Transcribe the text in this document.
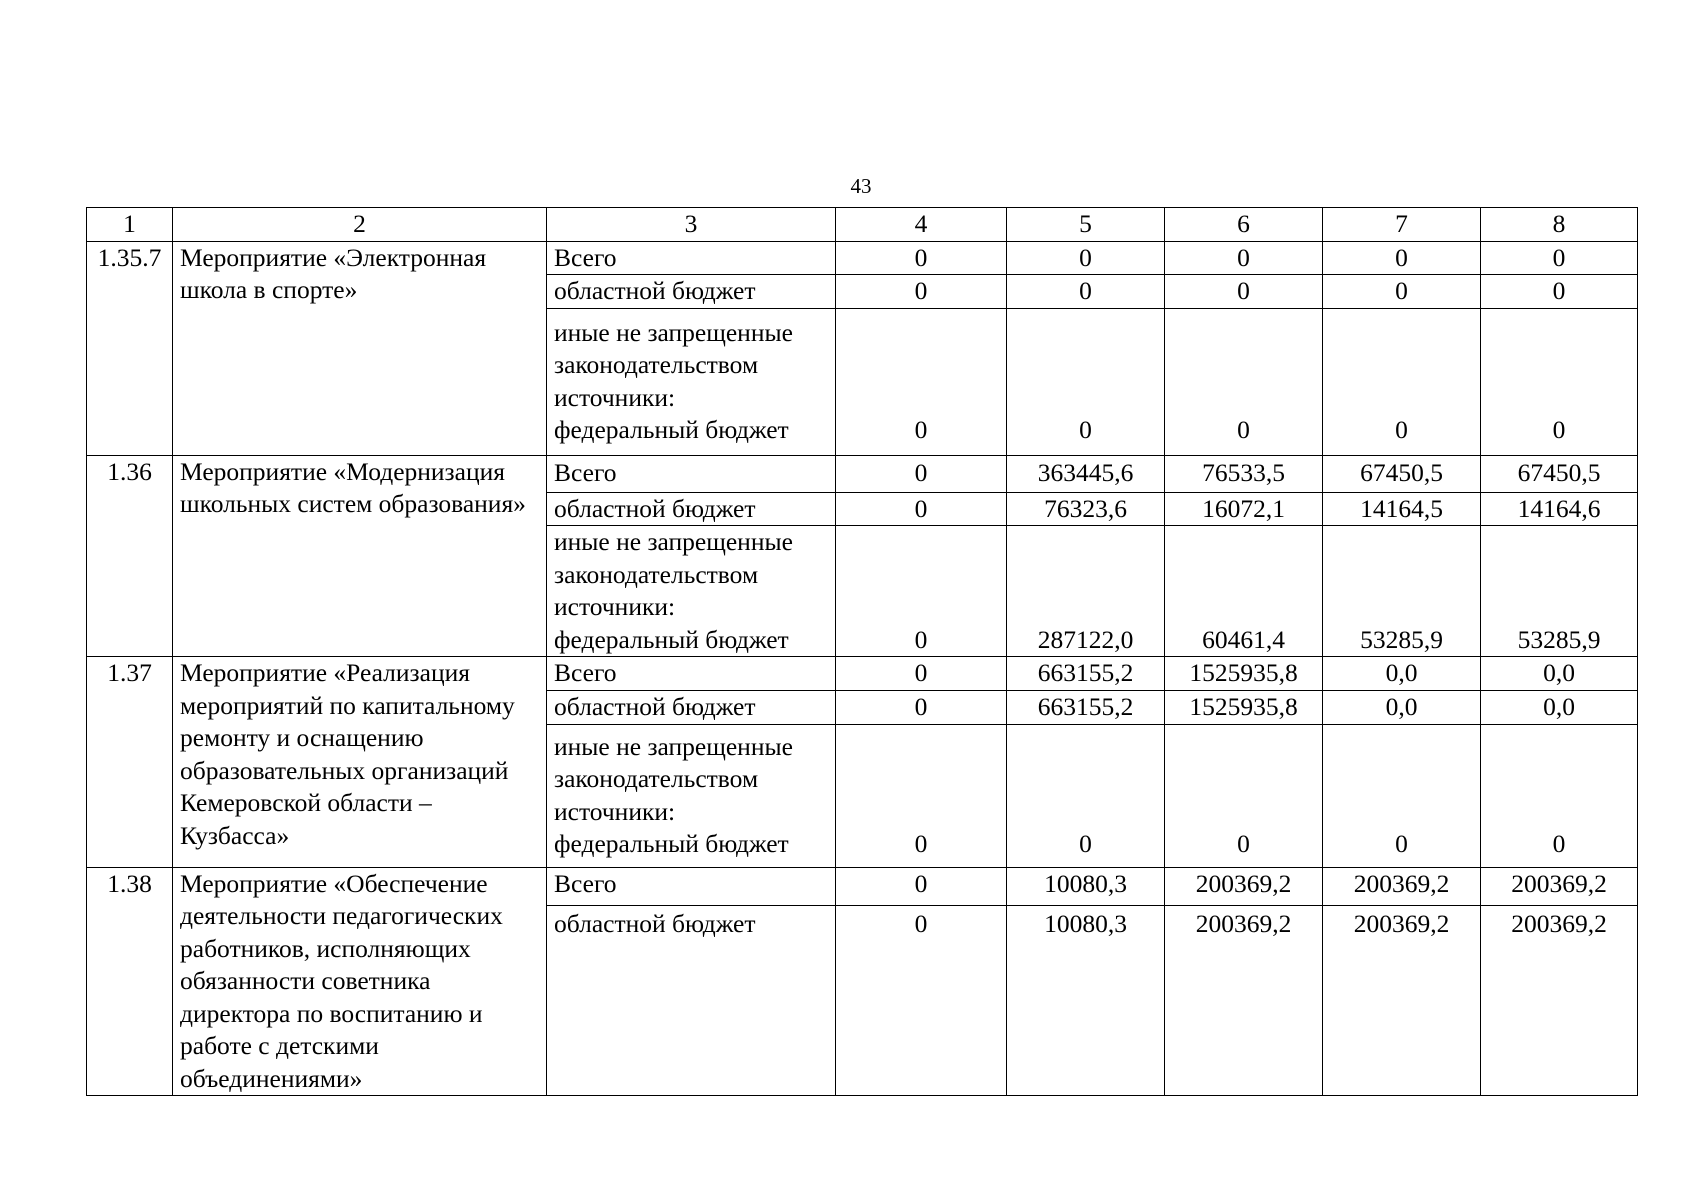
43
1	2	3	4	5	6	7	8
1.35.7	Мероприятие «Электронная школа в спорте»	Всего	0	0	0	0	0
		областной бюджет	0	0	0	0	0

		иные не запрещенные
законодательством
источники:
федеральный бюджет	0	0	0	0	0
1.36	Мероприятие «Модернизация школьных систем образования»	Всего	0	363445,6	76533,5	67450,5	67450,5
		областной бюджет	0	76323,6	16072,1	14164,5	14164,6

		иные не запрещенные
законодательством
источники:
федеральный бюджет	0	287122,0	60461,4	53285,9	53285,9
1.37	Мероприятие «Реализация мероприятий по капитальному ремонту и оснащению образовательных организаций Кемеровской области – Кузбасса»	Всего	0	663155,2	1525935,8	0,0	0,0
		областной бюджет	0	663155,2	1525935,8	0,0	0,0

		иные не запрещенные
законодательством
источники:
федеральный бюджет	0	0	0	0	0
1.38	Мероприятие «Обеспечение деятельности педагогических работников, исполняющих обязанности советника директора по воспитанию и работе с детскими объединениями»	Всего	0	10080,3	200369,2	200369,2	200369,2
		областной бюджет	0	10080,3	200369,2	200369,2	200369,2
